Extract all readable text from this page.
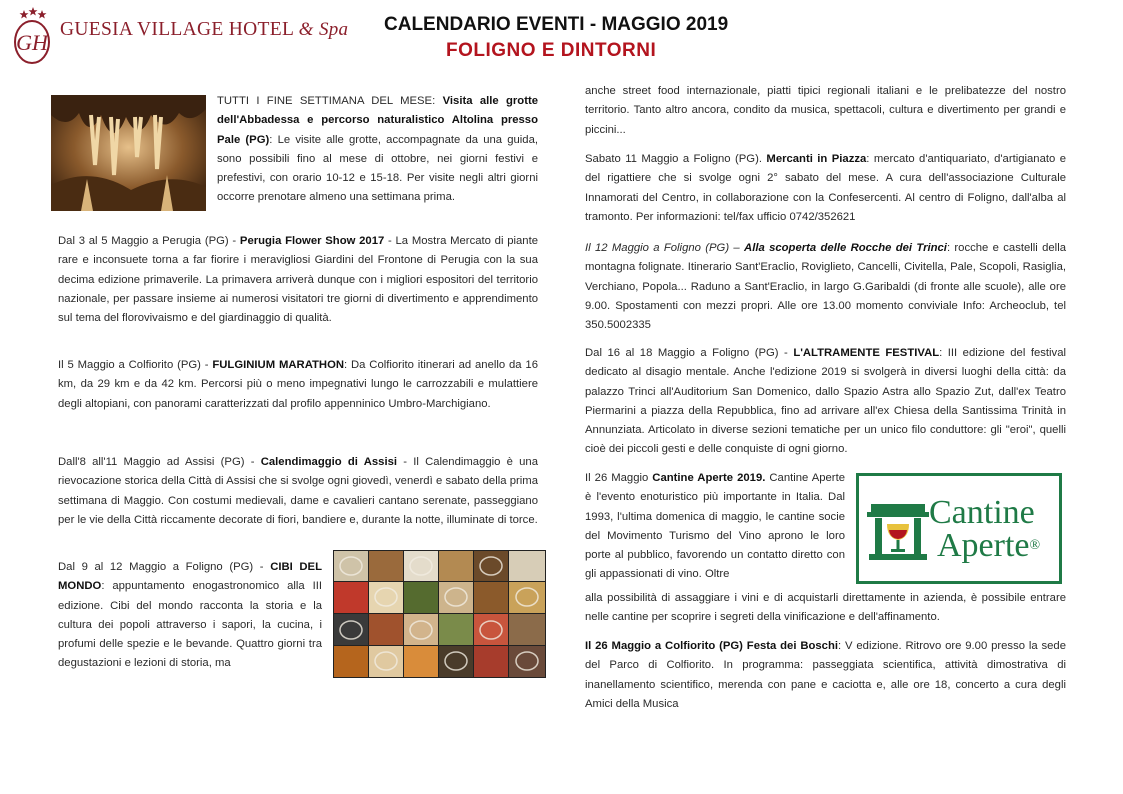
GH
GUESIA VILLAGE HOTEL & Spa CALENDARIO EVENTI - MAGGIO 2019
FOLIGNO E DINTORNI

TUTTI I FINE SETTIMANA DEL MESE: Visita alle grotte dell'Abbadessa e percorso naturalistico Altolina presso Pale (PG): Le visite alle grotte, accompagnate da una guida, sono possibili fino al mese di ottobre, nei giorni festivi e prefestivi, con orario 10-12 e 15-18. Per visite negli altri giorni occorre prenotare almeno una settimana prima.

Dal 3 al 5 Maggio a Perugia (PG) - Perugia Flower Show 2017 - La Mostra Mercato di piante rare e inconsuete torna a far fiorire i meravigliosi Giardini del Frontone di Perugia con la sua decima edizione primaverile. La primavera arriverà dunque con i migliori espositori del territorio nazionale, per passare insieme ai numerosi visitatori tre giorni di divertimento e apprendimento sul tema del florovivaismo e del giardinaggio di qualità.

Il 5 Maggio a Colfiorito (PG) - FULGINIUM MARATHON: Da Colfiorito itinerari ad anello da 16 km, da 29 km e da 42 km. Percorsi più o meno impegnativi lungo le carrozzabili e mulattiere degli altopiani, con panorami caratterizzati dal profilo appenninico Umbro-Marchigiano.

Dall'8 all'11 Maggio ad Assisi (PG) - Calendimaggio di Assisi - Il Calendimaggio è una rievocazione storica della Città di Assisi che si svolge ogni giovedì, venerdì e sabato della prima settimana di Maggio. Con costumi medievali, dame e cavalieri cantano serenate, passeggiano per le vie della Città riccamente decorate di fiori, bandiere e, durante la notte, illuminate di torce.

Dal 9 al 12 Maggio a Foligno (PG) - CIBI DEL MONDO: appuntamento enogastronomico alla III edizione. Cibi del mondo racconta la storia e la cultura dei popoli attraverso i sapori, la cucina, i profumi delle spezie e le bevande. Quattro giorni tra degustazioni e lezioni di storia, ma

anche street food internazionale, piatti tipici regionali italiani e le prelibatezze del nostro territorio. Tanto altro ancora, condito da musica, spettacoli, cultura e divertimento per grandi e piccini...

Sabato 11 Maggio a Foligno (PG). Mercanti in Piazza: mercato d'antiquariato, d'artigianato e del rigattiere che si svolge ogni 2° sabato del mese. A cura dell'associazione Culturale Innamorati del Centro, in collaborazione con la Confesercenti. Al centro di Foligno, dall'alba al tramonto. Per informazioni: tel/fax ufficio 0742/352621

Il 12 Maggio a Foligno (PG) – Alla scoperta delle Rocche dei Trinci: rocche e castelli della montagna folignate. Itinerario Sant'Eraclio, Roviglieto, Cancelli, Civitella, Pale, Scopoli, Rasiglia, Verchiano, Popola... Raduno a Sant'Eraclio, in largo G.Garibaldi (di fronte alle scuole), alle ore 9.00. Spostamenti con mezzi propri. Alle ore 13.00 momento conviviale Info: Archeoclub, tel 350.5002335

Dal 16 al 18 Maggio a Foligno (PG) - L'ALTRAMENTE FESTIVAL: III edizione del festival dedicato al disagio mentale. Anche l'edizione 2019 si svolgerà in diversi luoghi della città: da palazzo Trinci all'Auditorium San Domenico, dallo Spazio Astra allo Spazio Zut, dall'ex Teatro Piermarini a piazza della Repubblica, fino ad arrivare all'ex Chiesa della Santissima Trinità in Annunziata. Articolato in diverse sezioni tematiche per un unico filo conduttore: gli "eroi", quelli cioè dei piccoli gesti e delle conquiste di ogni giorno.

Il 26 Maggio Cantine Aperte 2019. Cantine Aperte è l'evento enoturistico più importante in Italia. Dal 1993, l'ultima domenica di maggio, le cantine socie del Movimento Turismo del Vino aprono le loro porte al pubblico, favorendo un contatto diretto con gli appassionati di vino. Oltre

Cantine
Aperte®

alla possibilità di assaggiare i vini e di acquistarli direttamente in azienda, è possibile entrare nelle cantine per scoprire i segreti della vinificazione e dell'affinamento.

Il 26 Maggio a Colfiorito (PG) Festa dei Boschi: V edizione. Ritrovo ore 9.00 presso la sede del Parco di Colfiorito. In programma: passeggiata scientifica, attività dimostrativa di inanellamento scientifico, merenda con pane e caciotta e, alle ore 18, concerto a cura degli Amici della Musica
